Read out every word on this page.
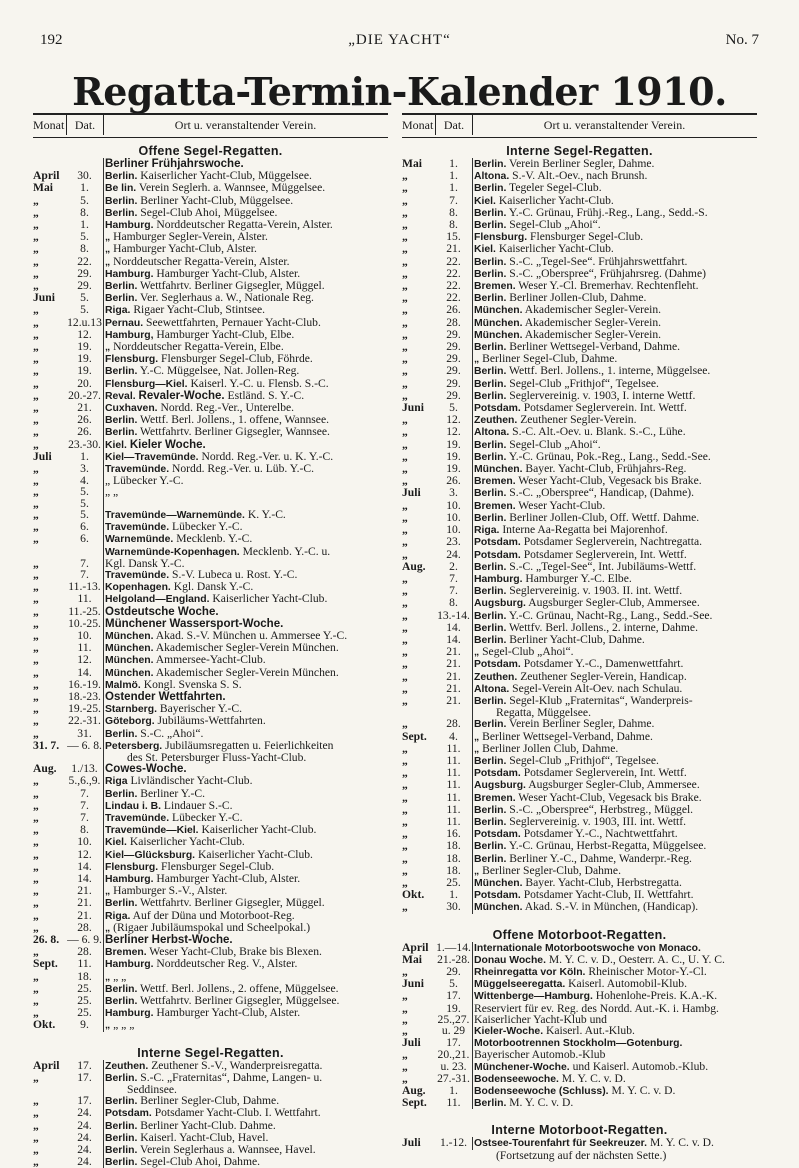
192	„DIE YACHT“	No. 7
Regatta-Termin-Kalender 1910.
Monat Dat.	Ort u. veranstaltender Verein.
Offene Segel-Regatten.
Berliner Frühjahrswoche.
April	30.	Berlin. Kaiserlicher Yacht-Club, Müggelsee.
Mai	1.	Be lin. Verein Seglerh. a. Wannsee, Müggelsee.
„	5.	Berlin. Berliner Yacht-Club, Müggelsee.
„	8.	Berlin. Segel-Club Ahoi, Müggelsee.
„	1.	Hamburg. Norddeutscher Regatta-Verein, Alster.
„	5.	„ Hamburger Segler-Verein, Alster.
„	8.	„ Hamburger Yacht-Club, Alster.
„	22.	„ Norddeutscher Regatta-Verein, Alster.
„	29.	Hamburg. Hamburger Yacht-Club, Alster.
„	29.	Berlin. Wettfahrtv. Berliner Gigsegler, Müggel.
Juni	5.	Berlin. Ver. Seglerhaus a. W., Nationale Reg.
„	5.	Riga. Rigaer Yacht-Club, Stintsee.
„	12.u.13 Pernau. Seewettfahrten, Pernauer Yacht-Club.
„	12.	Hamburg, Hamburger Yacht-Club, Elbe.
„	19.	„ Norddeutscher Regatta-Verein, Elbe.
„	19.	Flensburg. Flensburger Segel-Club, Föhrde.
„	19.	Berlin. Y.-C. Müggelsee, Nat. Jollen-Reg.
„	20.	Flensburg—Kiel. Kaiserl. Y.-C. u. Flensb. S.-C.
„	20.-27. Reval. Revaler-Woche. Estländ. S. Y.-C.
„	21.	Cuxhaven. Nordd. Reg.-Ver., Unterelbe.
„	26.	Berlin. Wettf. Berl. Jollens., 1. offene, Wannsee.
„	26.	Berlin. Wettfahrtv. Berliner Gigsegler, Wannsee.
„	23.-30. Kiel. Kieler Woche.
Juli	1.	Kiel—Travemünde. Nordd. Reg.-Ver. u. K. Y.-C.
„	3.	Travemünde. Nordd. Reg.-Ver. u. Lüb. Y.-C.
„	4.	„ Lübecker Y.-C.
„	5.	„ „
„	5.

„	5.	Travemünde—Warnemünde. K. Y.-C.
„	6.	Travemünde. Lübecker Y.-C.
„	6.	Warnemünde. Mecklenb. Y.-C.
Warnemünde-Kopenhagen. Mecklenb. Y.-C. u.
„	7.	Kgl. Dansk Y.-C.
„	7.	Travemünde. S.-V. Lubeca u. Rost. Y.-C.
„	11.-13. Kopenhagen. Kgl. Dansk Y.-C.
„	11.	Helgoland—England. Kaiserlicher Yacht-Club.
„	11.-25. Ostdeutsche Woche.
„	10.-25. Münchener Wassersport-Woche.
„	10.	München. Akad. S.-V. München u. Ammersee Y.-C.
„	11.	München. Akademischer Segler-Verein München.
„	12.	München. Ammersee-Yacht-Club.
„	14.	München. Akademischer Segler-Verein München.
„	16.-19. Malmö. Kongl. Svenska S. S.
„	18.-23. Ostender Wettfahrten.
„	19.-25. Starnberg. Bayerischer Y.-C.
„	22.-31. Göteborg. Jubiläums-Wettfahrten.
„	31.	Berlin. S.-C. „Ahoi“.
31. 7. — 6. 8. Petersberg. Jubiläumsregatten u. Feierlichkeiten
des St. Petersburger Fluss-Yacht-Club.
Aug.	1./13. Cowes-Woche.
„	5.,6.,9. Riga Livländischer Yacht-Club.
„	7.	Berlin. Berliner Y.-C.
„	7.	Lindau i. B. Lindauer S.-C.
„	7.	Travemünde. Lübecker Y.-C.
„	8.	Travemünde—Kiel. Kaiserlicher Yacht-Club.
„	10.	Kiel. Kaiserlicher Yacht-Club.
„	12.	Kiel—Glücksburg. Kaiserlicher Yacht-Club.
„	14.	Flensburg. Flensburger Segel-Club.
„	14.	Hamburg. Hamburger Yacht-Club, Alster.
„	21.	„ Hamburger S.-V., Alster.
„	21.	Berlin. Wettfahrtv. Berliner Gigsegler, Müggel.
„	21.	Riga. Auf der Düna und Motorboot-Reg.
„	28.	„ (Rigaer Jubiläumspokal und Scheelpokal.)
26. 8. — 6. 9. Berliner Herbst-Woche.
„	28.	Bremen. Weser Yacht-Club, Brake bis Blexen.
Sept.	11.	Hamburg. Norddeutscher Reg. V., Alster.
„	18.	„ „ „
„	25.	Berlin. Wettf. Berl. Jollens., 2. offene, Müggelsee.
„	25.	Berlin. Wettfahrtv. Berliner Gigsegler, Müggelsee.
„	25.	Hamburg. Hamburger Yacht-Club, Alster.
Okt.	9.	„ „ „ „
Interne Segel-Regatten.
April	17.	Zeuthen. Zeuthener S.-V., Wanderpreisregatta.
„	17.	Berlin. S.-C. „Fraternitas“, Dahme, Langen- u.
Seddinsee.
„	17.	Berlin. Berliner Segler-Club, Dahme.
„	24.	Potsdam. Potsdamer Yacht-Club. I. Wettfahrt.
„	24.	Berlin. Berliner Yacht-Club. Dahme.
„	24.	Berlin. Kaiserl. Yacht-Club, Havel.
„	24.	Berlin. Verein Seglerhaus a. Wannsee, Havel.
„	24.	Berlin. Segel-Club Ahoi, Dahme.
Monat Dat.	Ort u. veranstaltender Verein.
Interne Segel-Regatten.
Mai	1.	Berlin. Verein Berliner Segler, Dahme.
„	1.	Altona. S.-V. Alt.-Oev., nach Brunsh.
„	1.	Berlin. Tegeler Segel-Club.
„	7.	Kiel. Kaiserlicher Yacht-Club.
„	8.	Berlin. Y.-C. Grünau, Frühj.-Reg., Lang., Sedd.-S.
„	8.	Berlin. Segel-Club „Ahoi“.
„	15.	Flensburg. Flensburger Segel-Club.
„	21.	Kiel. Kaiserlicher Yacht-Club.
„	22.	Berlin. S.-C. „Tegel-See“. Frühjahrswettfahrt.
„	22.	Berlin. S.-C. „Oberspree“, Frühjahrsreg. (Dahme)
„	22.	Bremen. Weser Y.-Cl. Bremerhav. Rechtenfleht.
„	22.	Berlin. Berliner Jollen-Club, Dahme.
„	26.	München. Akademischer Segler-Verein.
„	28.	München. Akademischer Segler-Verein.
„	29.	München. Akademischer Segler-Verein.
„	29.	Berlin. Berliner Wettsegel-Verband, Dahme.
„	29.	„ Berliner Segel-Club, Dahme.
„	29.	Berlin. Wettf. Berl. Jollens., 1. interne, Müggelsee.
„	29.	Berlin. Segel-Club „Frithjof“, Tegelsee.
„	29.	Berlin. Seglervereinig. v. 1903, I. interne Wettf.
Juni	5.	Potsdam. Potsdamer Seglerverein. Int. Wettf.
„	12.	Zeuthen. Zeuthener Segler-Verein.
„	12.	Altona. S.-C. Alt.-Oev. u. Blank. S.-C., Lühe.
„	19.	Berlin. Segel-Club „Ahoi“.
„	19.	Berlin. Y.-C. Grünau, Pok.-Reg., Lang., Sedd.-See.
„	19.	München. Bayer. Yacht-Club, Frühjahrs-Reg.
„	26.	Bremen. Weser Yacht-Club, Vegesack bis Brake.
Juli	3.	Berlin. S.-C. „Oberspree“, Handicap, (Dahme).
„	10.	Bremen. Weser Yacht-Club.
„	10.	Berlin. Berliner Jollen-Club, Off. Wettf. Dahme.
„	10.	Riga. Interne Aa-Regatta bei Majorenhof.
„	23.	Potsdam. Potsdamer Seglerverein, Nachtregatta.
„	24.	Potsdam. Potsdamer Seglerverein, Int. Wettf.
Aug.	2.	Berlin. S.-C. „Tegel-See“, Int. Jubiläums-Wettf.
„	7.	Hamburg. Hamburger Y.-C. Elbe.
„	7.	Berlin. Seglervereinig. v. 1903. II. int. Wettf.
„	8.	Augsburg. Augsburger Segler-Club, Ammersee.
„	13.-14. Berlin. Y.-C. Grünau, Nacht-Rg., Lang., Sedd.-See.
„	14.	Berlin. Wettfv. Berl. Jollens., 2. interne, Dahme.
„	14.	Berlin. Berliner Yacht-Club, Dahme.
„	21.	„ Segel-Club „Ahoi“.
„	21.	Potsdam. Potsdamer Y.-C., Damenwettfahrt.
„	21.	Zeuthen. Zeuthener Segler-Verein, Handicap.
„	21.	Altona. Segel-Verein Alt-Oev. nach Schulau.
„	21.	Berlin. Segel-Klub „Fraternitas“, Wanderpreis-
Regatta, Müggelsee.
„	28.	Berlin. Verein Berliner Segler, Dahme.
Sept.	4.	„ Berliner Wettsegel-Verband, Dahme.
„	11.	„ Berliner Jollen Club, Dahme.
„	11.	Berlin. Segel-Club „Frithjof“, Tegelsee.
„	11.	Potsdam. Potsdamer Seglerverein, Int. Wettf.
„	11.	Augsburg. Augsburger Segler-Club, Ammersee.
„	11.	Bremen. Weser Yacht-Club, Vegesack bis Brake.
„	11.	Berlin. S.-C. „Oberspree“, Herbstreg., Müggel.
„	11.	Berlin. Seglervereinig. v. 1903, III. int. Wettf.
„	16.	Potsdam. Potsdamer Y.-C., Nachtwettfahrt.
„	18.	Berlin. Y.-C. Grünau, Herbst-Regatta, Müggelsee.
„	18.	Berlin. Berliner Y.-C., Dahme, Wanderpr.-Reg.
„	18.	„ Berliner Segler-Club, Dahme.
„	25.	München. Bayer. Yacht-Club, Herbstregatta.
Okt.	1.	Potsdam. Potsdamer Yacht-Club, II. Wettfahrt.
„	30.	München. Akad. S.-V. in München, (Handicap).
Offene Motorboot-Regatten.
April 1.—14. Internationale Motorbootswoche von Monaco.
Mai	21.-28. Donau Woche. M. Y. C. v. D., Oesterr. A. C., U. Y. C.
„	29.	Rheinregatta vor Köln. Rheinischer Motor-Y.-Cl.
Juni	5.	Müggelseeregatta. Kaiserl. Automobil-Klub.
„	17.	Wittenberge—Hamburg. Hohenlohe-Preis. K.A.-K.
„	19.	Reserviert für ev. Reg. des Nordd. Aut.-K. i. Hambg.
„	25.,27. Kaiserlicher Yacht-Klub und
„	u. 29 Kieler-Woche. Kaiserl. Aut.-Klub.
Juli	17.	Motorbootrennen Stockholm—Gotenburg.
„	20.,21. Bayerischer Automob.-Klub
„	u. 23. Münchener-Woche. und Kaiserl. Automob.-Klub.
„	27.-31. Bodenseewoche. M. Y. C. v. D.
Aug.	1.	Bodenseewoche (Schluss). M. Y. C. v. D.
Sept.	11.	Berlin. M. Y. C. v. D.
Interne Motorboot-Regatten.
Juli	1.-12. Ostsee-Tourenfahrt für Seekreuzer. M. Y. C. v. D.
(Fortsetzung auf der nächsten Sette.)
